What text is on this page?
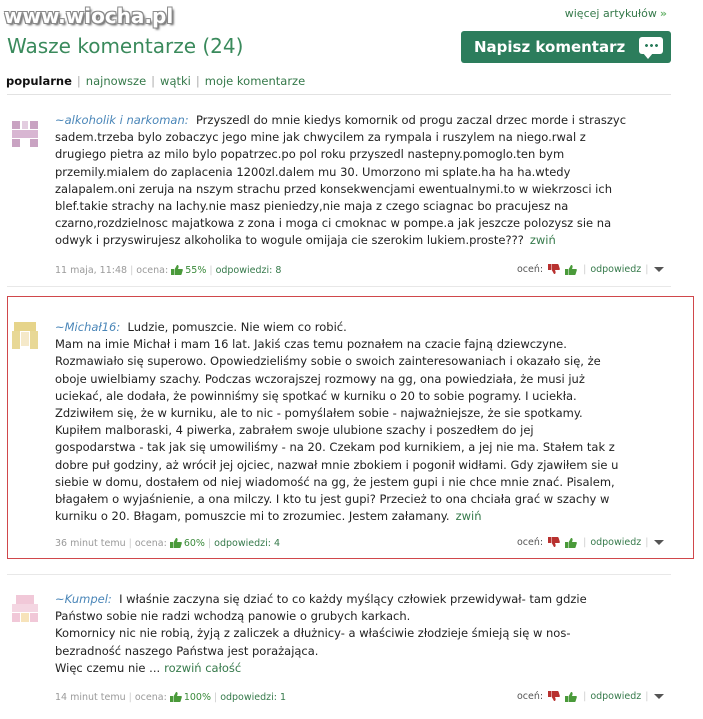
www.wiocha.pl	więcej artykułów »
Wasze komentarze (24)	Napisz komentarz
popularne | najnowsze | wątki | moje komentarze
~alkoholik i narkoman: Przyszedl do mnie kiedys komornik od progu zaczal drzec morde i straszyc
sadem.trzeba bylo zobaczyc jego mine jak chwycilem za rympala i ruszylem na niego.rwal z
drugiego pietra az milo bylo popatrzec.po pol roku przyszedl nastepny.pomoglo.ten bym
przemily.mialem do zaplacenia 1200zl.dalem mu 30. Umorzono mi splate.ha ha ha.wtedy
zalapalem.oni zeruja na nszym strachu przed konsekwencjami ewentualnymi.to w wiekrzosci ich
blef.takie strachy na lachy.nie masz pieniedzy,nie maja z czego sciagnac bo pracujesz na
czarno,rozdzielnosc majatkowa z zona i moga ci cmoknac w pompe.a jak jeszcze polozysz sie na
odwyk i przyswirujesz alkoholika to wogule omijaja cie szerokim lukiem.proste??? zwiń
11 maja, 11:48 | ocena: 55% | odpowiedzi: 8	oceń:	| odpowiedz |
~Michał16: Ludzie, pomuszcie. Nie wiem co robić.
Mam na imie Michał i mam 16 lat. Jakiś czas temu poznałem na czacie fajną dziewczyne.
Rozmawiało się superowo. Opowiedzieliśmy sobie o swoich zainteresowaniach i okazało się, że
oboje uwielbiamy szachy. Podczas wczorajszej rozmowy na gg, ona powiedziała, że musi już
uciekać, ale dodała, że powinniśmy się spotkać w kurniku o 20 to sobie pogramy. I uciekła.
Zdziwiłem się, że w kurniku, ale to nic - pomyślałem sobie - najważniejsze, że sie spotkamy.
Kupiłem malboraski, 4 piwerka, zabrałem swoje ulubione szachy i poszedłem do jej
gospodarstwa - tak jak się umowiliśmy - na 20. Czekam pod kurnikiem, a jej nie ma. Stałem tak z
dobre puł godziny, aż wrócił jej ojciec, nazwał mnie zbokiem i pogonił widłami. Gdy zjawiłem sie u
siebie w domu, dostałem od niej wiadomość na gg, że jestem gupi i nie chce mnie znać. Pisalem,
błagałem o wyjaśnienie, a ona milczy. I kto tu jest gupi? Przecież to ona chciała grać w szachy w
kurniku o 20. Błagam, pomuszcie mi to zrozumiec. Jestem załamany. zwiń
36 minut temu | ocena: 60% | odpowiedzi: 4	oceń:	| odpowiedz |
~Kumpel: I właśnie zaczyna się dziać to co każdy myślący człowiek przewidywał- tam gdzie
Państwo sobie nie radzi wchodzą panowie o grubych karkach.
Komornicy nic nie robią, żyją z zaliczek a dłużnicy- a właściwie złodzieje śmieją się w nos-
bezradność naszego Państwa jest porażająca.
Więc czemu nie ... rozwiń całość
14 minut temu | ocena: 100% | odpowiedzi: 1	oceń:	| odpowiedz |
